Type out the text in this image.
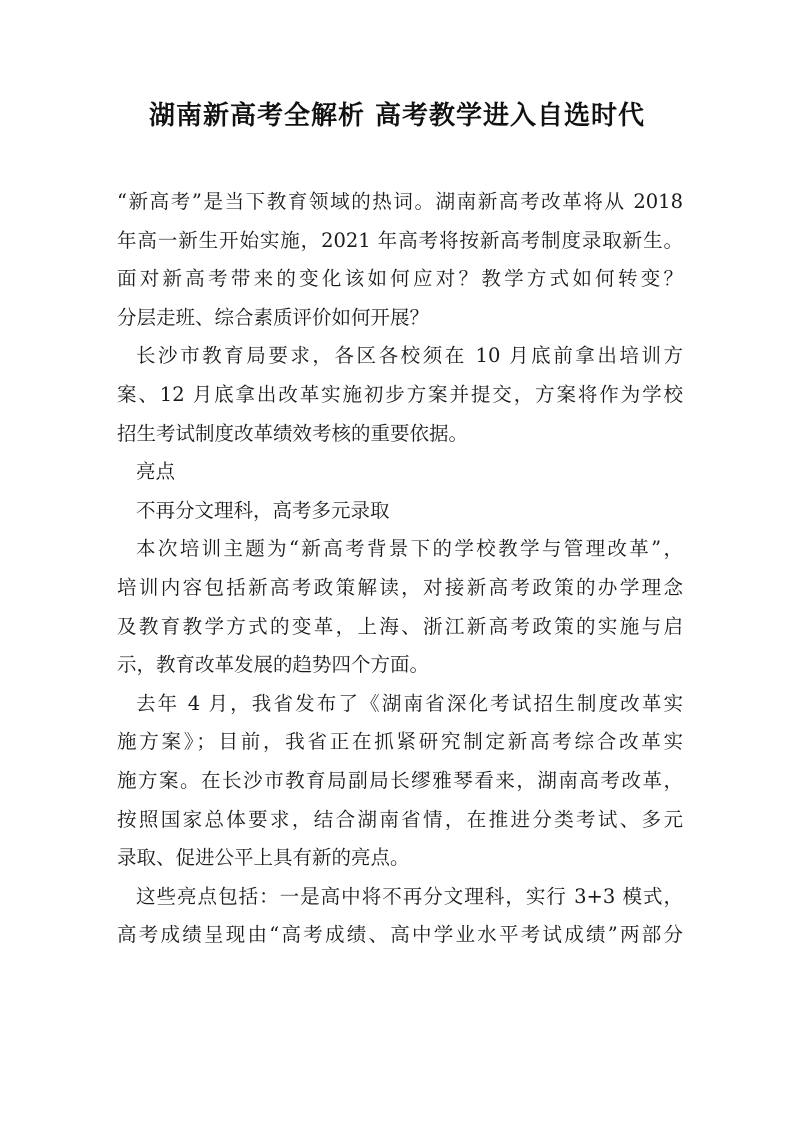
湖南新高考全解析 高考教学进入自选时代
“新高考”是当下教育领域的热词。湖南新高考改革将从 2018
年高一新生开始实施，2021 年高考将按新高考制度录取新生。
面对新高考带来的变化该如何应对？教学方式如何转变？
分层走班、综合素质评价如何开展？
长沙市教育局要求，各区各校须在 10 月底前拿出培训方
案、12 月底拿出改革实施初步方案并提交，方案将作为学校
招生考试制度改革绩效考核的重要依据。
亮点
不再分文理科，高考多元录取
本次培训主题为“新高考背景下的学校教学与管理改革”，
培训内容包括新高考政策解读，对接新高考政策的办学理念
及教育教学方式的变革，上海、浙江新高考政策的实施与启
示，教育改革发展的趋势四个方面。
去年 4 月，我省发布了《湖南省深化考试招生制度改革实
施方案》；目前，我省正在抓紧研究制定新高考综合改革实
施方案。在长沙市教育局副局长缪雅琴看来，湖南高考改革，
按照国家总体要求，结合湖南省情，在推进分类考试、多元
录取、促进公平上具有新的亮点。
这些亮点包括：一是高中将不再分文理科，实行 3+3 模式，
高考成绩呈现由“高考成绩、高中学业水平考试成绩”两部分
